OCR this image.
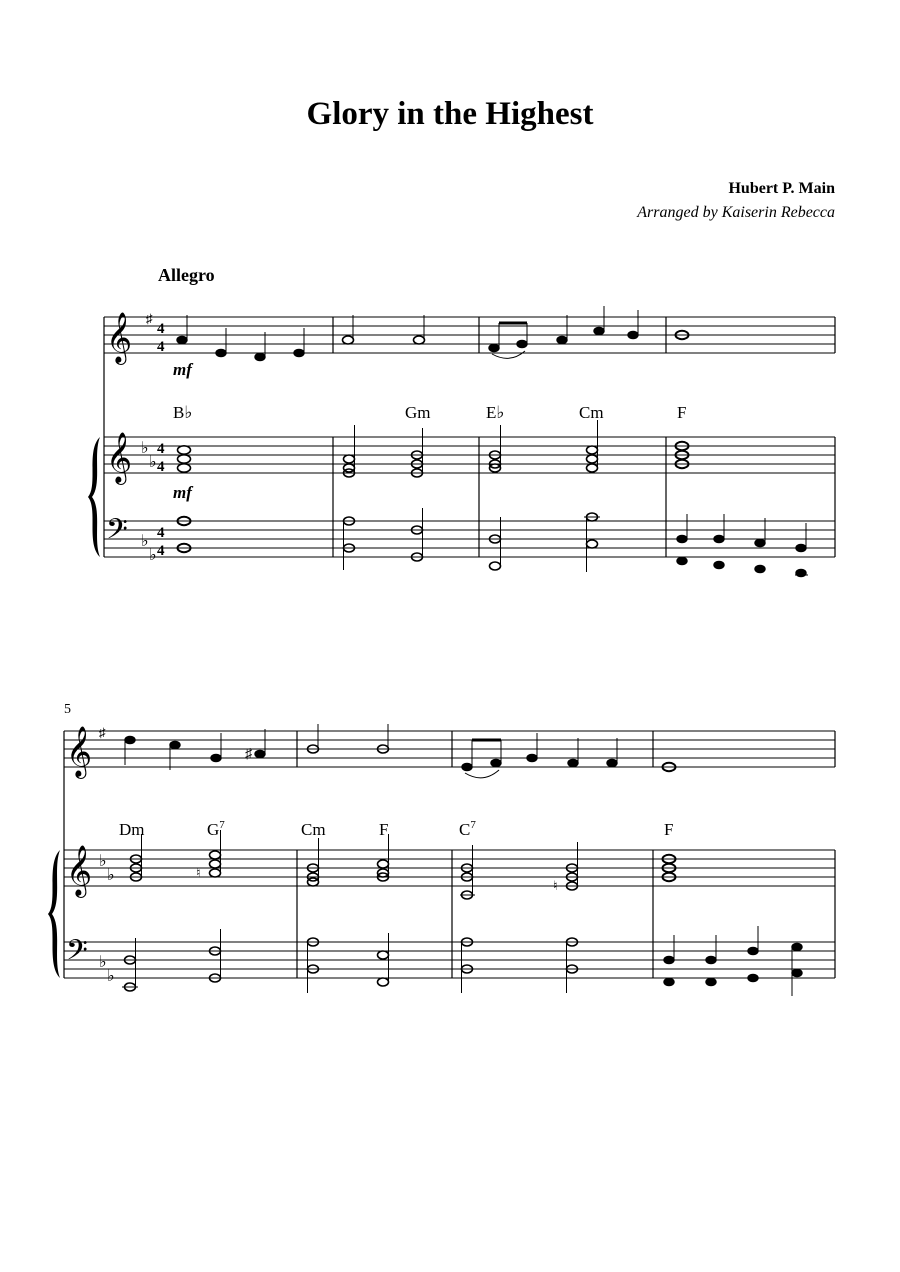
Glory in the Highest
Hubert P. Main
Arranged by Kaiserin Rebecca
Allegro
𝄞
𝄞
𝄢
♯
♭
♭
♭
♭
4
4
4
4
4
4
mf
mf
B♭	Gm	E♭	Cm	F
5
𝄞
𝄞
𝄢
♯
♭
♭
♭
♭
♯
♮
♮
Dm	$G^7$	Cm	F	$C^7$	F
